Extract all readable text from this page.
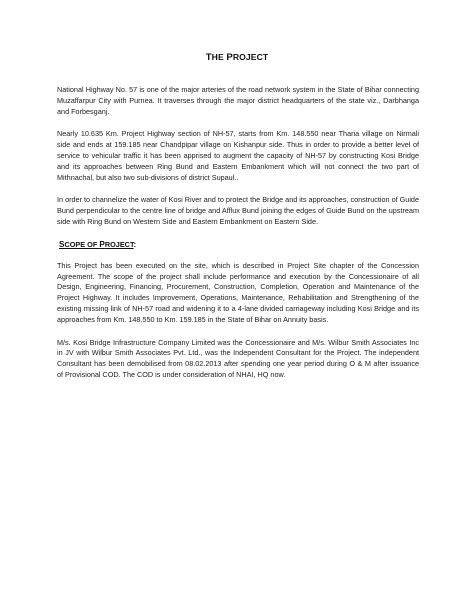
THE PROJECT

National Highway No. 57 is one of the major arteries of the road network system in the State of Bihar connecting Muzaffarpur City with Purnea. It traverses through the major district headquarters of the state viz., Darbhanga and Forbesganj.

Nearly 10.635 Km. Project Highway section of NH-57, starts from Km. 148.550 near Tharia village on Nirmali side and ends at 159.185 near Chandpipar village on Kishanpur side. Thus in order to provide a better level of service to vehicular traffic it has been apprised to augment the capacity of NH-57 by constructing Kosi Bridge and its approaches between Ring Bund and Eastern Embankment which will not connect the two part of Mithnachal, but also two sub-divisions of district Supaul..

In order to channelize the water of Kosi River and to protect the Bridge and its approaches, construction of Guide Bund perpendicular to the centre line of bridge and Afflux Bund joining the edges of Guide Bund on the upstream side with Ring Bund on Western Side and Eastern Embankment on Eastern Side.

SCOPE OF PROJECT:

This Project has been executed on the site, which is described in Project Site chapter of the Concession Agreement. The scope of the project shall include performance and execution by the Concessionaire of all Design, Engineering, Financing, Procurement, Construction, Completion, Operation and Maintenance of the Project Highway. It includes Improvement, Operations, Maintenance, Rehabilitation and Strengthening of the existing missing link of NH-57 road and widening it to a 4-lane divided carriageway including Kosi Bridge and its approaches from Km. 148.550 to Km. 159.185 in the State of Bihar on Annuity basis.

M/s. Kosi Bridge Infrastructure Company Limited was the Concessionaire and M/s. Wilbur Smith Associates Inc in JV with Wilbur Smith Associates Pvt. Ltd., was the Independent Consultant for the Project. The independent Consultant has been demobilised from 08.02.2013 after spending one year period during O & M after issuance of Provisional COD. The COD is under consideration of NHAI, HQ now.
